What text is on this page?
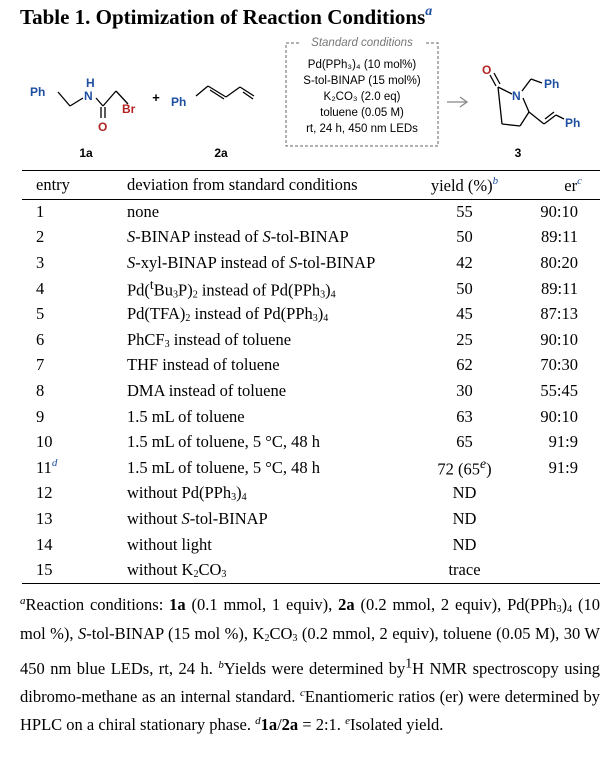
Table 1. Optimization of Reaction Conditions$^a$
Ph	N
H
Br
O
1a
+ Ph
2a
Standard conditions
Pd(PPh₃)₄ (10 mol%)
S-tol-BINAP (15 mol%)
K₂CO₃ (2.0 eq)
toluene (0.05 M)
rt, 24 h, 450 nm LEDs
O
N
Ph
Ph
3
entry	deviation from standard conditions	yield (%)$^b$	er$^c$
1	none	55	90:10
2	S-BINAP instead of S-tol-BINAP	50	89:11
3	S-xyl-BINAP instead of S-tol-BINAP	42	80:20
4	$Pd(^tBu_3P)_2$ instead of $Pd(PPh_3)_4$	50	89:11
5	$Pd(TFA)_2$ instead of $Pd(PPh_3)_4$	45	87:13
6	PhCF$_3$ instead of toluene	25	90:10
7	THF instead of toluene	62	70:30
8	DMA instead of toluene	30	55:45
9	1.5 mL of toluene	63	90:10
10	1.5 mL of toluene, 5 °C, 48 h	65	91:9
11$^d$	1.5 mL of toluene, 5 °C, 48 h	72 (65e)	91:9
12	without $Pd(PPh_3)_4$	ND	
13	without S-tol-BINAP	ND	
14	without light	ND	
15	without $K_2CO_3$	trace	

$^a$Reaction conditions: 1a (0.1 mmol, 1 equiv), 2a (0.2 mmol, 2 equiv), $Pd(PPh_3)_4$ (10 mol %), S-tol-BINAP (15 mol %), $K_2CO_3$ (0.2 mmol, 2 equiv), toluene (0.05 M), 30 W 450 nm blue LEDs, rt, 24 h. $^b$Yields were determined $by^1H$ NMR spectroscopy using dibromo-methane as an internal standard. $^c$Enantiomeric ratios (er) were determined by HPLC on a chiral stationary phase. $^d$1a/2a = 2:1. $^e$Isolated yield.
